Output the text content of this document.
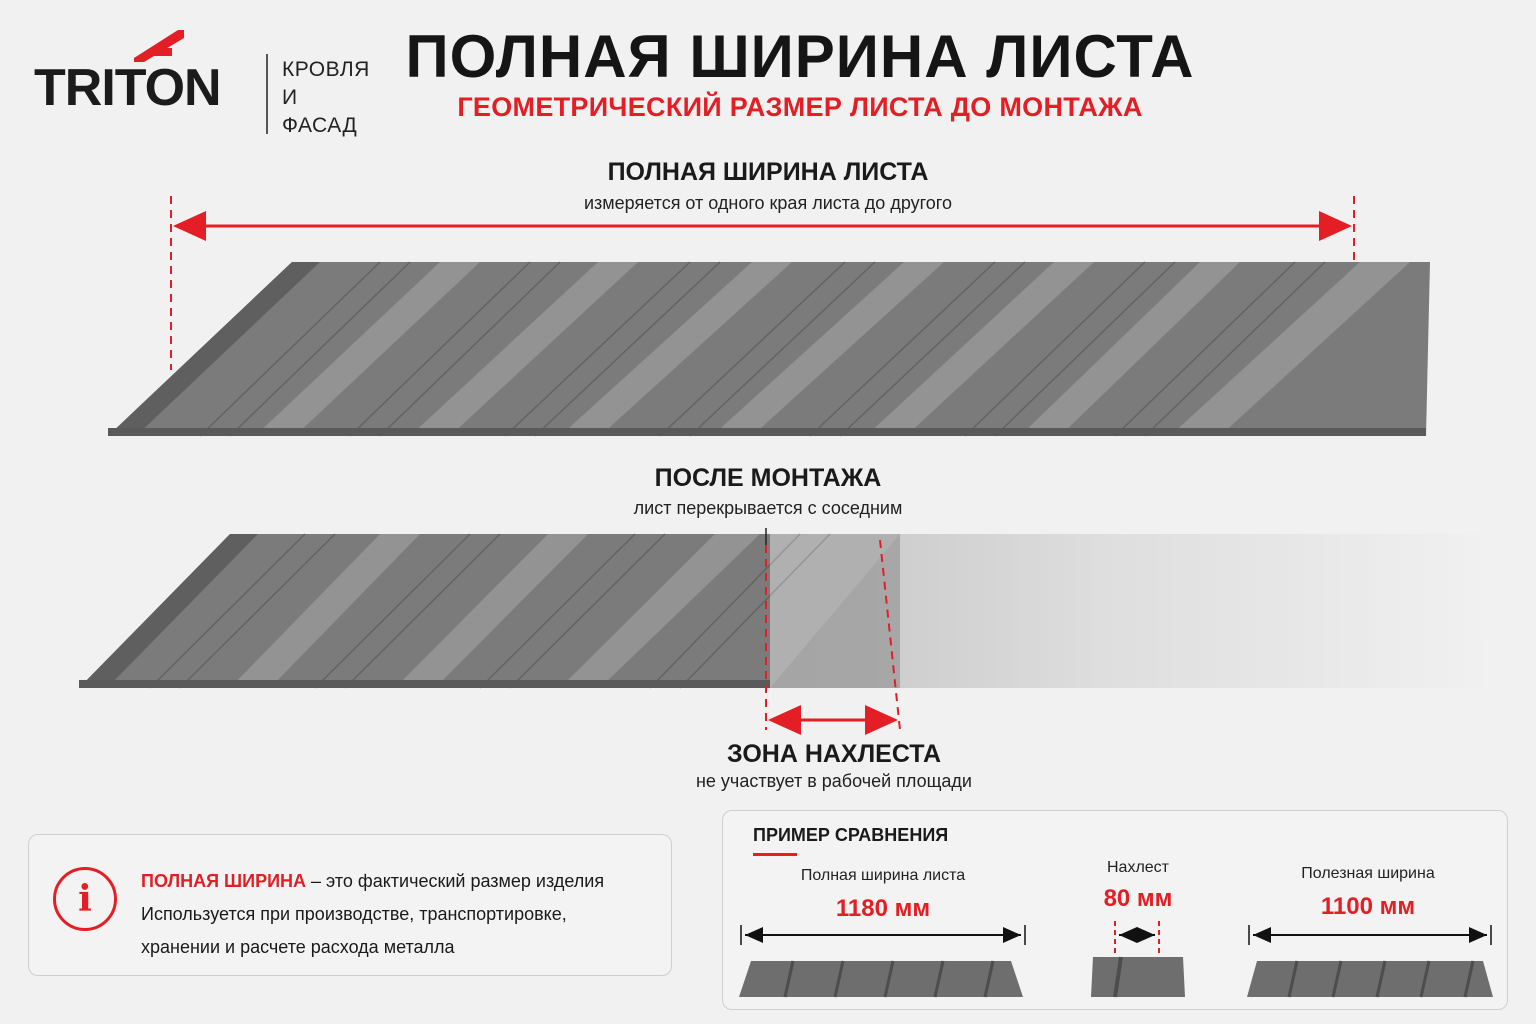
TRITON	КРОВЛЯ
И ФАСАД
ПОЛНАЯ ШИРИНА ЛИСТА
ГЕОМЕТРИЧЕСКИЙ РАЗМЕР ЛИСТА ДО МОНТАЖА
ПОЛНАЯ ШИРИНА ЛИСТА
измеряется от одного края листа до другого
ПОСЛЕ МОНТАЖА
лист перекрывается с соседним
ЗОНА НАХЛЕСТА
не участвует в рабочей площади
i	ПОЛНАЯ ШИРИНА – это фактический размер изделия
Используется при производстве, транспортировке,
хранении и расчете расхода металла
ПРИМЕР СРАВНЕНИЯ
Полная ширина листа
1180 мм
Нахлест
80 мм
Полезная ширина
1100 мм
